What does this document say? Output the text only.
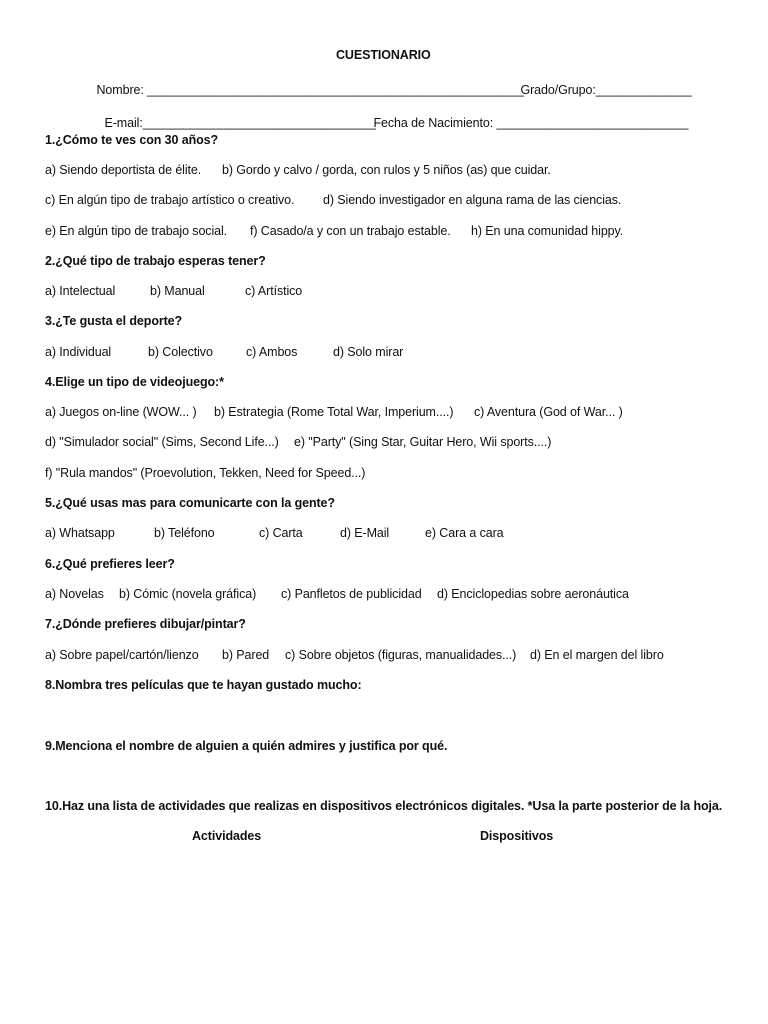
CUESTIONARIO

Nombre: _______________________________________________________

Grado/Grupo:______________

E-mail:__________________________________

Fecha de Nacimiento: ____________________________

1.¿Cómo te ves con 30 años?
a) Siendo deportista de élite. b) Gordo y calvo / gorda, con rulos y 5 niños (as) que cuidar.
c) En algún tipo de trabajo artístico o creativo. d) Siendo investigador en alguna rama de las ciencias.
e) En algún tipo de trabajo social. f) Casado/a y con un trabajo estable. h) En una comunidad hippy.
2.¿Qué tipo de trabajo esperas tener?
a) Intelectual	b) Manual	c) Artístico
3.¿Te gusta el deporte?
a) Individual	b) Colectivo	c) Ambos	d) Solo mirar
4.Elige un tipo de videojuego:*
a) Juegos on-line (WOW... ) b) Estrategia (Rome Total War, Imperium....) c) Aventura (God of War... )
d) "Simulador social" (Sims, Second Life...) e) "Party" (Sing Star, Guitar Hero, Wii sports....)
f) "Rula mandos" (Proevolution, Tekken, Need for Speed...)
5.¿Qué usas mas para comunicarte con la gente?
a) Whatsapp	b) Teléfono	c) Carta	d) E-Mail	e) Cara a cara
6.¿Qué prefieres leer?
a) Novelas b) Cómic (novela gráfica) c) Panfletos de publicidad d) Enciclopedias sobre aeronáutica
7.¿Dónde prefieres dibujar/pintar?
a) Sobre papel/cartón/lienzo b) Pared c) Sobre objetos (figuras, manualidades...) d) En el margen del libro
8.Nombra tres películas que te hayan gustado mucho:
9.Menciona el nombre de alguien a quién admires y justifica por qué.
10.Haz una lista de actividades que realizas en dispositivos electrónicos digitales. *Usa la parte posterior de la hoja.
Actividades	Dispositivos
